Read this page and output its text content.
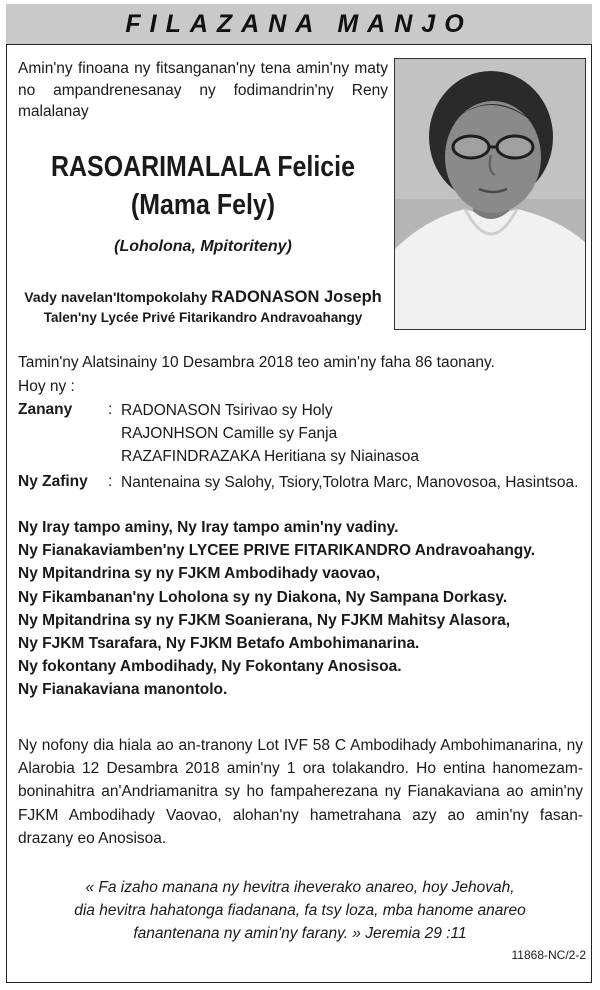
FILAZANA MANJO
Amin'ny finoana ny fitsanganan'ny tena amin'ny maty no ampandrenesanay ny fodimandrin'ny Reny malalanay
RASOARIMALALA Felicie
(Mama Fely)
(Loholona, Mpitoriteny)
Vady navelan'Itompokolahy RADONASON Joseph
Talen'ny Lycée Privé Fitarikandro Andravoahangy
Tamin'ny Alatsinainy 10 Desambra 2018 teo amin'ny faha 86 taonany.
Hoy ny :
Zanany : RADONASON Tsirivao sy Holy
RAJONHSON Camille sy Fanja
RAZAFINDRAZAKA Heritiana sy Niainasoa
Ny Zafiny : Nantenaina sy Salohy, Tsiory,Tolotra Marc, Manovosoa, Hasintsoa.
Ny Iray tampo aminy, Ny Iray tampo amin'ny vadiny.
Ny Fianakaviamben'ny LYCEE PRIVE FITARIKANDRO Andravoahangy.
Ny Mpitandrina sy ny FJKM Ambodihady vaovao,
Ny Fikambanan'ny Loholona sy ny Diakona, Ny Sampana Dorkasy.
Ny Mpitandrina sy ny FJKM Soanierana, Ny FJKM Mahitsy Alasora,
Ny FJKM Tsarafara, Ny FJKM Betafo Ambohimanarina.
Ny fokontany Ambodihady, Ny Fokontany Anosisoa.
Ny Fianakaviana manontolo.
Ny nofony dia hiala ao an-tranony Lot IVF 58 C Ambodihady Ambohimanarina, ny Alarobia 12 Desambra 2018 amin'ny 1 ora tolakandro. Ho entina hanomezam-boninahitra an'Andriamanitra sy ho fampaherezana ny Fianakaviana ao amin'ny FJKM Ambodihady Vaovao, alohan'ny hametrahana azy ao amin'ny fasan-drazany eo Anosisoa.
« Fa izaho manana ny hevitra iheverako anareo, hoy Jehovah,
dia hevitra hahatonga fiadanana, fa tsy loza, mba hanome anareo
fanantenana ny amin'ny farany. » Jeremia 29 :11
11868-NC/2-2
